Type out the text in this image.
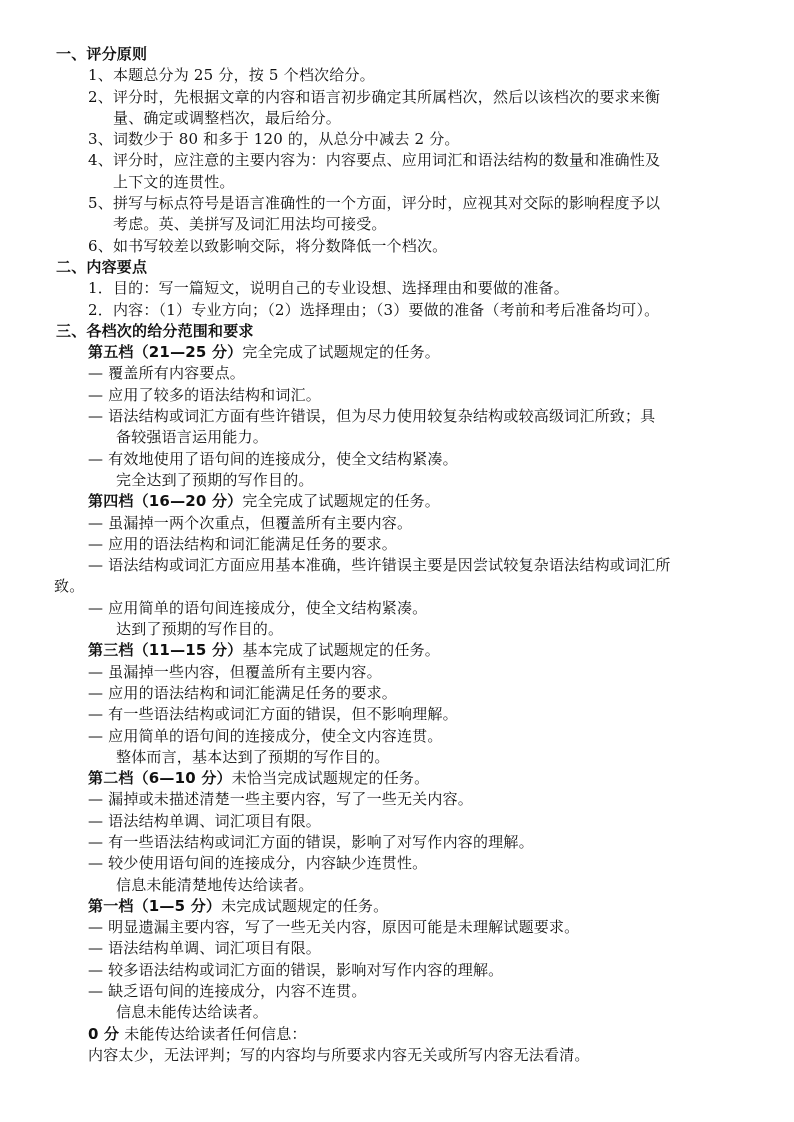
一、评分原则
1、本题总分为 25 分，按 5 个档次给分。
2、评分时，先根据文章的内容和语言初步确定其所属档次，然后以该档次的要求来衡
量、确定或调整档次，最后给分。
3、词数少于 80 和多于 120 的，从总分中减去 2 分。
4、评分时，应注意的主要内容为：内容要点、应用词汇和语法结构的数量和准确性及
上下文的连贯性。
5、拼写与标点符号是语言准确性的一个方面，评分时，应视其对交际的影响程度予以
考虑。英、美拼写及词汇用法均可接受。
6、如书写较差以致影响交际，将分数降低一个档次。
二、内容要点
1．目的：写一篇短文，说明自己的专业设想、选择理由和要做的准备。
2．内容：（1）专业方向；（2）选择理由；（3）要做的准备（考前和考后准备均可）。
三、各档次的给分范围和要求
第五档（21—25 分）完全完成了试题规定的任务。
— 覆盖所有内容要点。
— 应用了较多的语法结构和词汇。
— 语法结构或词汇方面有些许错误，但为尽力使用较复杂结构或较高级词汇所致；具
备较强语言运用能力。
— 有效地使用了语句间的连接成分，使全文结构紧凑。
完全达到了预期的写作目的。
第四档（16—20 分）完全完成了试题规定的任务。
— 虽漏掉一两个次重点，但覆盖所有主要内容。
— 应用的语法结构和词汇能满足任务的要求。
— 语法结构或词汇方面应用基本准确，些许错误主要是因尝试较复杂语法结构或词汇所
致。
— 应用简单的语句间连接成分，使全文结构紧凑。
达到了预期的写作目的。
第三档（11—15 分）基本完成了试题规定的任务。
— 虽漏掉一些内容，但覆盖所有主要内容。
— 应用的语法结构和词汇能满足任务的要求。
— 有一些语法结构或词汇方面的错误，但不影响理解。
— 应用简单的语句间的连接成分，使全文内容连贯。
整体而言，基本达到了预期的写作目的。
第二档（6—10 分）未恰当完成试题规定的任务。
— 漏掉或未描述清楚一些主要内容，写了一些无关内容。
— 语法结构单调、词汇项目有限。
— 有一些语法结构或词汇方面的错误，影响了对写作内容的理解。
— 较少使用语句间的连接成分，内容缺少连贯性。
信息未能清楚地传达给读者。
第一档（1—5 分）未完成试题规定的任务。
— 明显遗漏主要内容，写了一些无关内容，原因可能是未理解试题要求。
— 语法结构单调、词汇项目有限。
— 较多语法结构或词汇方面的错误，影响对写作内容的理解。
— 缺乏语句间的连接成分，内容不连贯。
信息未能传达给读者。
0 分 未能传达给读者任何信息：
内容太少，无法评判；写的内容均与所要求内容无关或所写内容无法看清。
